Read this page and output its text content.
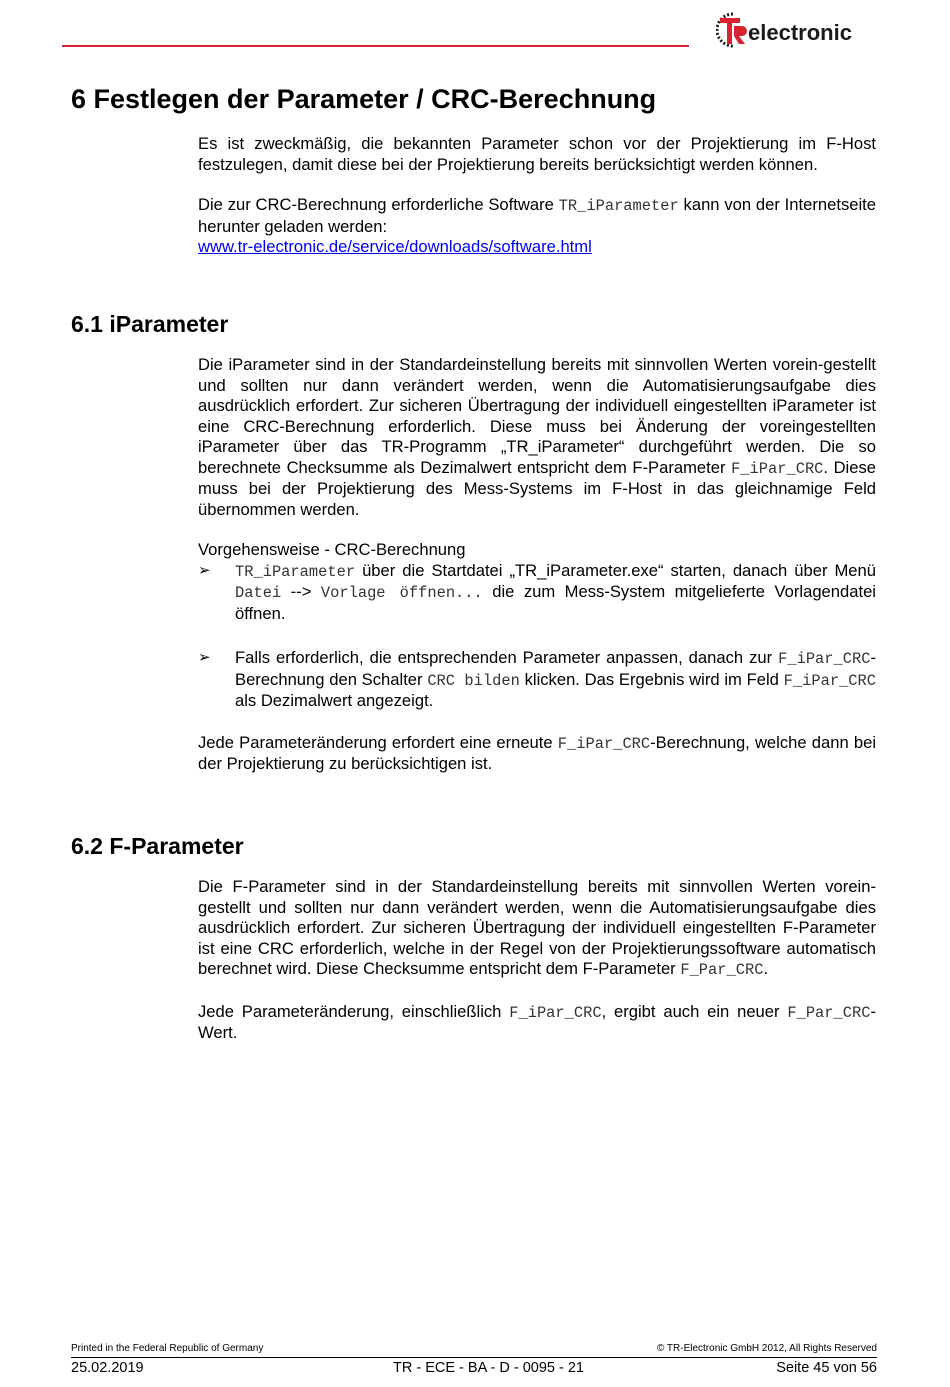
electronic
6 Festlegen der Parameter / CRC-Berechnung

Es ist zweckmäßig, die bekannten Parameter schon vor der Projektierung im F-Host festzulegen, damit diese bei der Projektierung bereits berücksichtigt werden können.

Die zur CRC-Berechnung erforderliche Software TR_iParameter kann von der Internetseite herunter geladen werden:
www.tr-electronic.de/service/downloads/software.html

6.1 iParameter

Die iParameter sind in der Standardeinstellung bereits mit sinnvollen Werten vorein-gestellt und sollten nur dann verändert werden, wenn die Automatisierungsaufgabe dies ausdrücklich erfordert. Zur sicheren Übertragung der individuell eingestellten iParameter ist eine CRC-Berechnung erforderlich. Diese muss bei Änderung der voreingestellten iParameter über das TR-Programm „TR_iParameter“ durchgeführt werden. Die so berechnete Checksumme als Dezimalwert entspricht dem F-Parameter F_iPar_CRC. Diese muss bei der Projektierung des Mess-Systems im F-Host in das gleichnamige Feld übernommen werden.

Vorgehensweise - CRC-Berechnung

➢ TR_iParameter über die Startdatei „TR_iParameter.exe“ starten, danach über Menü Datei --> Vorlage öffnen... die zum Mess-System mitgelieferte Vorlagendatei öffnen.
➢ Falls erforderlich, die entsprechenden Parameter anpassen, danach zur F_iPar_CRC-Berechnung den Schalter CRC bilden klicken. Das Ergebnis wird im Feld F_iPar_CRC als Dezimalwert angezeigt.

Jede Parameteränderung erfordert eine erneute F_iPar_CRC-Berechnung, welche dann bei der Projektierung zu berücksichtigen ist.

6.2 F-Parameter

Die F-Parameter sind in der Standardeinstellung bereits mit sinnvollen Werten vorein-gestellt und sollten nur dann verändert werden, wenn die Automatisierungsaufgabe dies ausdrücklich erfordert. Zur sicheren Übertragung der individuell eingestellten F-Parameter ist eine CRC erforderlich, welche in der Regel von der Projektierungssoftware automatisch berechnet wird. Diese Checksumme entspricht dem F-Parameter F_Par_CRC.

Jede Parameteränderung, einschließlich F_iPar_CRC, ergibt auch ein neuer F_Par_CRC-Wert.

Printed in the Federal Republic of Germany	© TR-Electronic GmbH 2012, All Rights Reserved
25.02.2019	TR - ECE - BA - D - 0095 - 21	Seite 45 von 56
